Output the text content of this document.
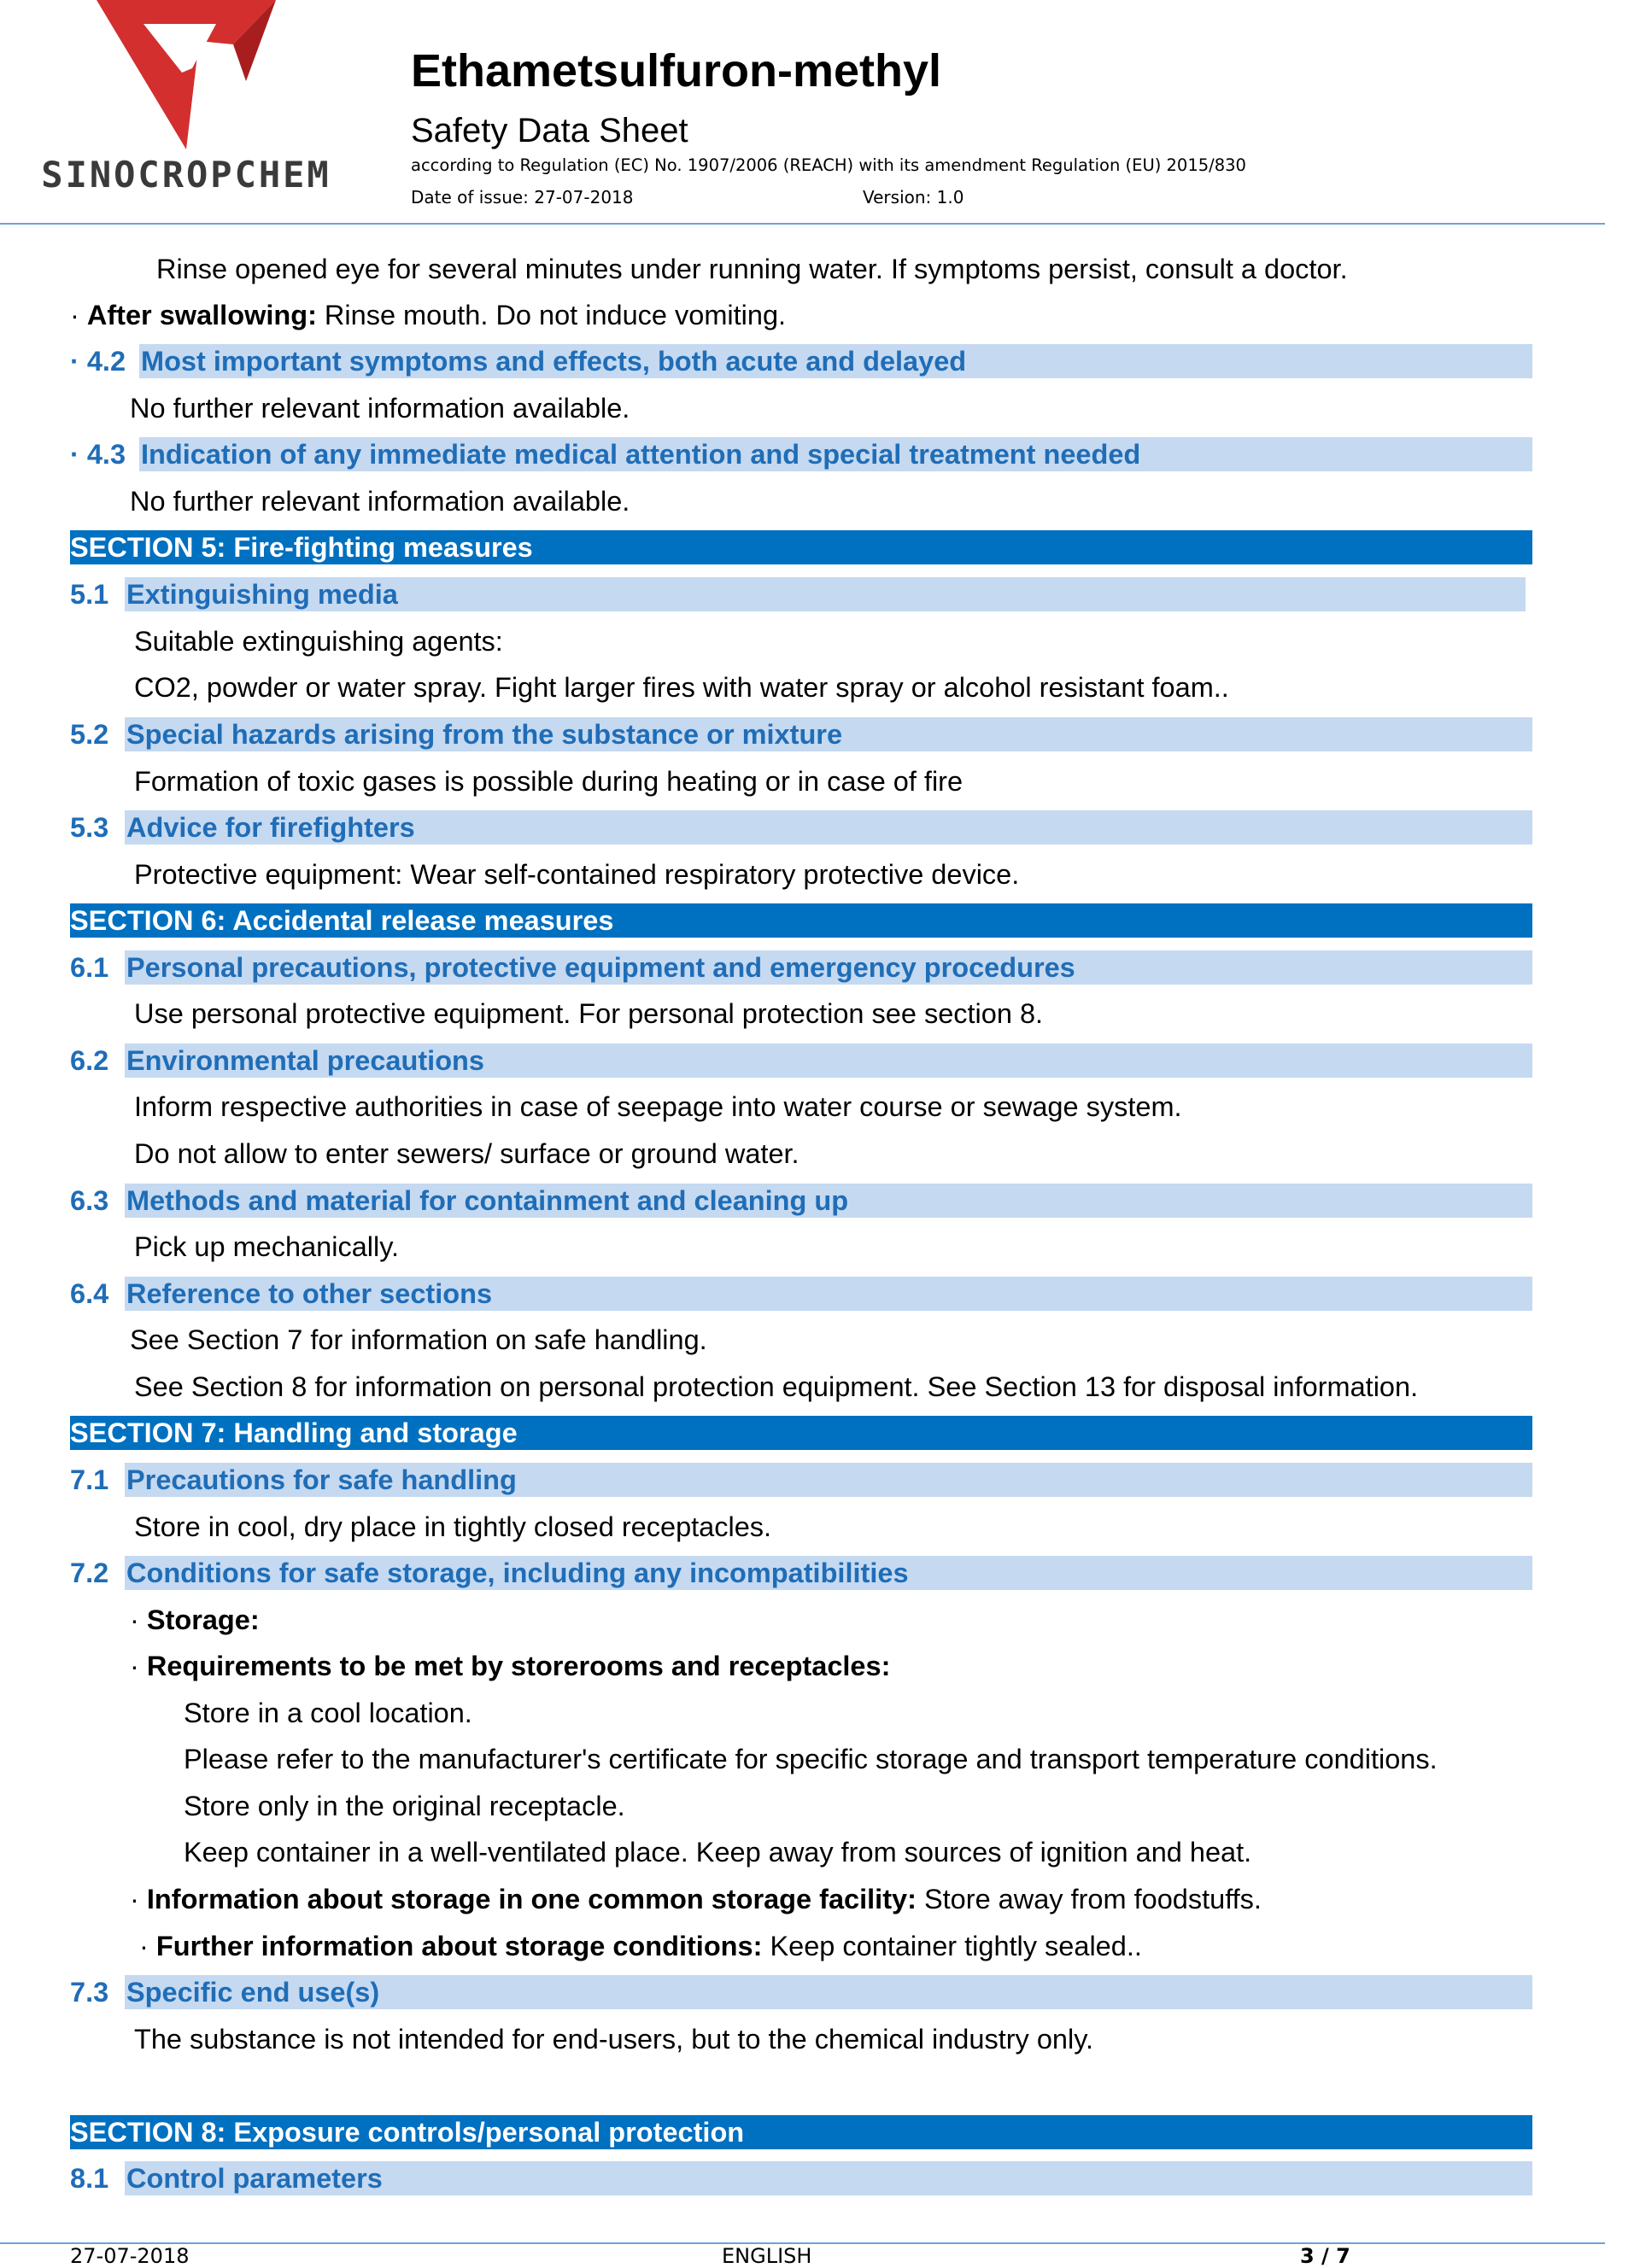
SINOCROPCHEM
Ethametsulfuron-methyl
Safety Data Sheet
according to Regulation (EC) No. 1907/2006 (REACH) with its amendment Regulation (EU) 2015/830
Date of issue: 27-07-2018	Version: 1.0
Rinse opened eye for several minutes under running water. If symptoms persist, consult a doctor.
· After swallowing: Rinse mouth. Do not induce vomiting.
· 4.2 Most important symptoms and effects, both acute and delayed
No further relevant information available.
· 4.3 Indication of any immediate medical attention and special treatment needed
No further relevant information available.
SECTION 5: Fire-fighting measures
5.1 Extinguishing media
Suitable extinguishing agents:
CO2, powder or water spray. Fight larger fires with water spray or alcohol resistant foam..
5.2 Special hazards arising from the substance or mixture
Formation of toxic gases is possible during heating or in case of fire
5.3 Advice for firefighters
Protective equipment: Wear self-contained respiratory protective device.
SECTION 6: Accidental release measures
6.1 Personal precautions, protective equipment and emergency procedures
Use personal protective equipment. For personal protection see section 8.
6.2 Environmental precautions
Inform respective authorities in case of seepage into water course or sewage system.
Do not allow to enter sewers/ surface or ground water.
6.3 Methods and material for containment and cleaning up
Pick up mechanically.
6.4 Reference to other sections
See Section 7 for information on safe handling.
See Section 8 for information on personal protection equipment. See Section 13 for disposal information.
SECTION 7: Handling and storage
7.1 Precautions for safe handling
Store in cool, dry place in tightly closed receptacles.
7.2 Conditions for safe storage, including any incompatibilities
· Storage:
· Requirements to be met by storerooms and receptacles:
Store in a cool location.
Please refer to the manufacturer's certificate for specific storage and transport temperature conditions.
Store only in the original receptacle.
Keep container in a well-ventilated place. Keep away from sources of ignition and heat.
· Information about storage in one common storage facility: Store away from foodstuffs.
· Further information about storage conditions: Keep container tightly sealed..
7.3 Specific end use(s)
The substance is not intended for end-users, but to the chemical industry only.
SECTION 8: Exposure controls/personal protection
8.1 Control parameters
27-07-2018	ENGLISH	3 / 7
